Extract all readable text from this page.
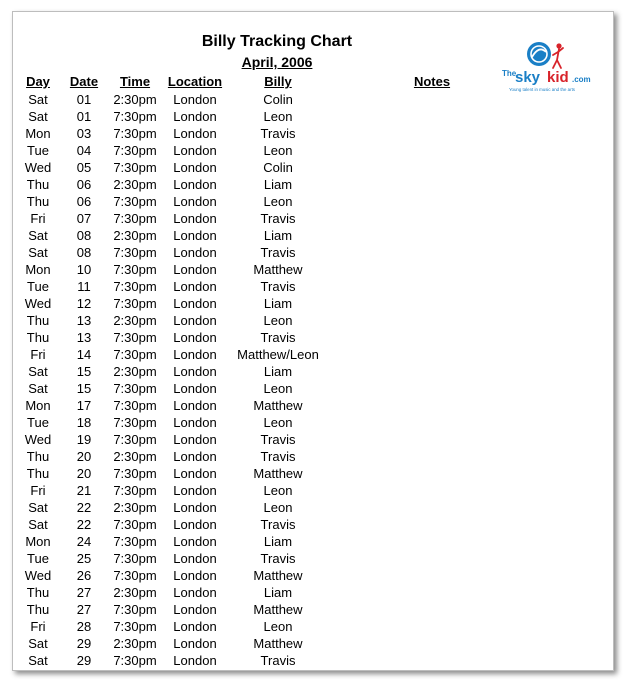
Billy Tracking Chart
April, 2006
Day	Date	Time	Location	Billy	Notes
Sat	01	2:30pm	London	Colin
Sat	01	7:30pm	London	Leon
Mon	03	7:30pm	London	Travis
Tue	04	7:30pm	London	Leon
Wed	05	7:30pm	London	Colin
Thu	06	2:30pm	London	Liam
Thu	06	7:30pm	London	Leon
Fri	07	7:30pm	London	Travis
Sat	08	2:30pm	London	Liam
Sat	08	7:30pm	London	Travis
Mon	10	7:30pm	London	Matthew
Tue	11	7:30pm	London	Travis
Wed	12	7:30pm	London	Liam
Thu	13	2:30pm	London	Leon
Thu	13	7:30pm	London	Travis
Fri	14	7:30pm	London	Matthew/Leon
Sat	15	2:30pm	London	Liam
Sat	15	7:30pm	London	Leon
Mon	17	7:30pm	London	Matthew
Tue	18	7:30pm	London	Leon
Wed	19	7:30pm	London	Travis
Thu	20	2:30pm	London	Travis
Thu	20	7:30pm	London	Matthew
Fri	21	7:30pm	London	Leon
Sat	22	2:30pm	London	Leon
Sat	22	7:30pm	London	Travis
Mon	24	7:30pm	London	Liam
Tue	25	7:30pm	London	Travis
Wed	26	7:30pm	London	Matthew
Thu	27	2:30pm	London	Liam
Thu	27	7:30pm	London	Matthew
Fri	28	7:30pm	London	Leon
Sat	29	2:30pm	London	Matthew
Sat	29	7:30pm	London	Travis
The
sky kid .com
Young talent in music and the arts
